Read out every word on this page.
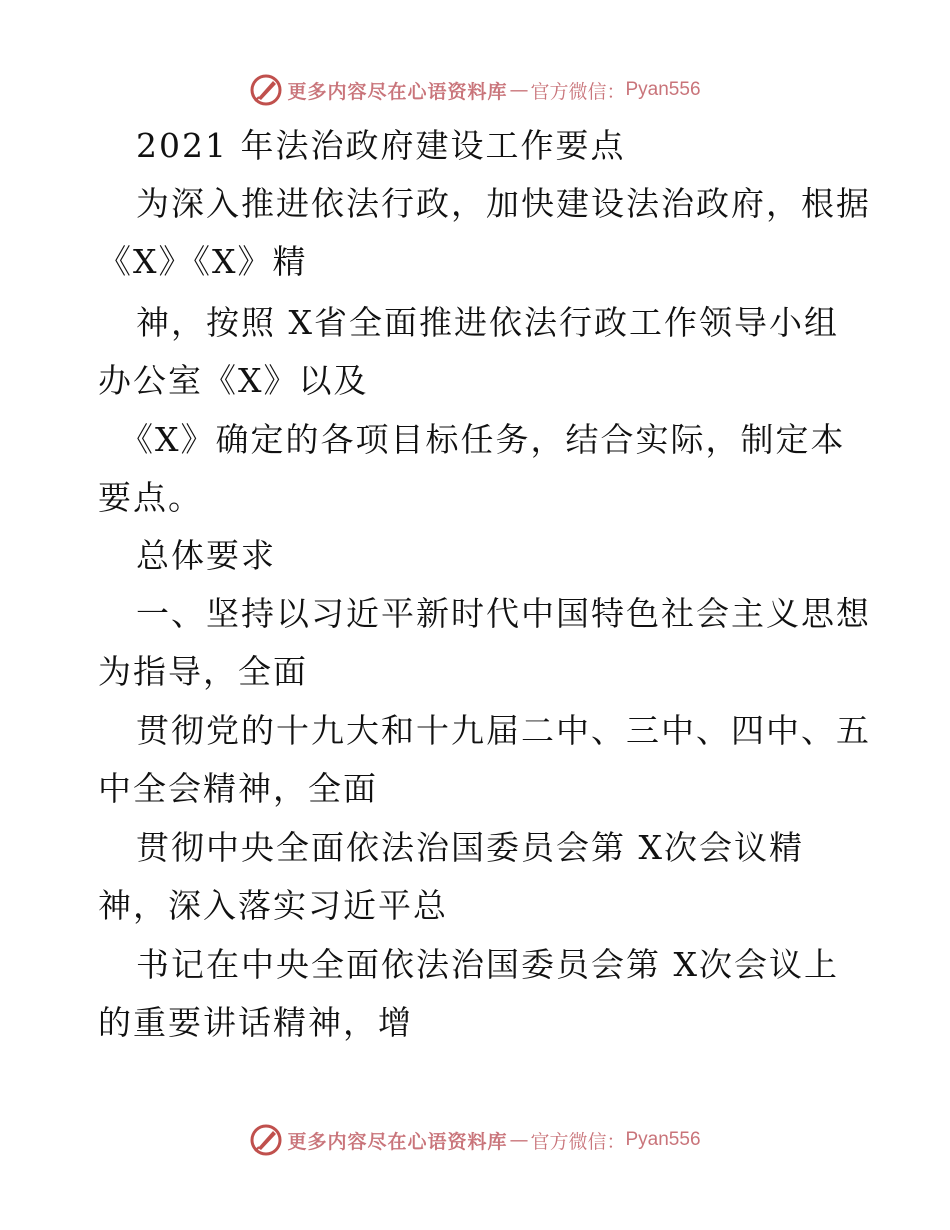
更多内容尽在心语资料库 — 官方微信： Pyan556
2021 年法治政府建设工作要点
为深入推进依法行政，加快建设法治政府，根据
《X》《X》精
神，按照 X省全面推进依法行政工作领导小组
办公室《X》以及
《X》确定的各项目标任务，结合实际，制定本
要点。
总体要求
一、坚持以习近平新时代中国特色社会主义思想
为指导，全面
贯彻党的十九大和十九届二中、三中、四中、五
中全会精神，全面
贯彻中央全面依法治国委员会第 X次会议精
神，深入落实习近平总
书记在中央全面依法治国委员会第 X次会议上
的重要讲话精神，增
更多内容尽在心语资料库 — 官方微信： Pyan556
